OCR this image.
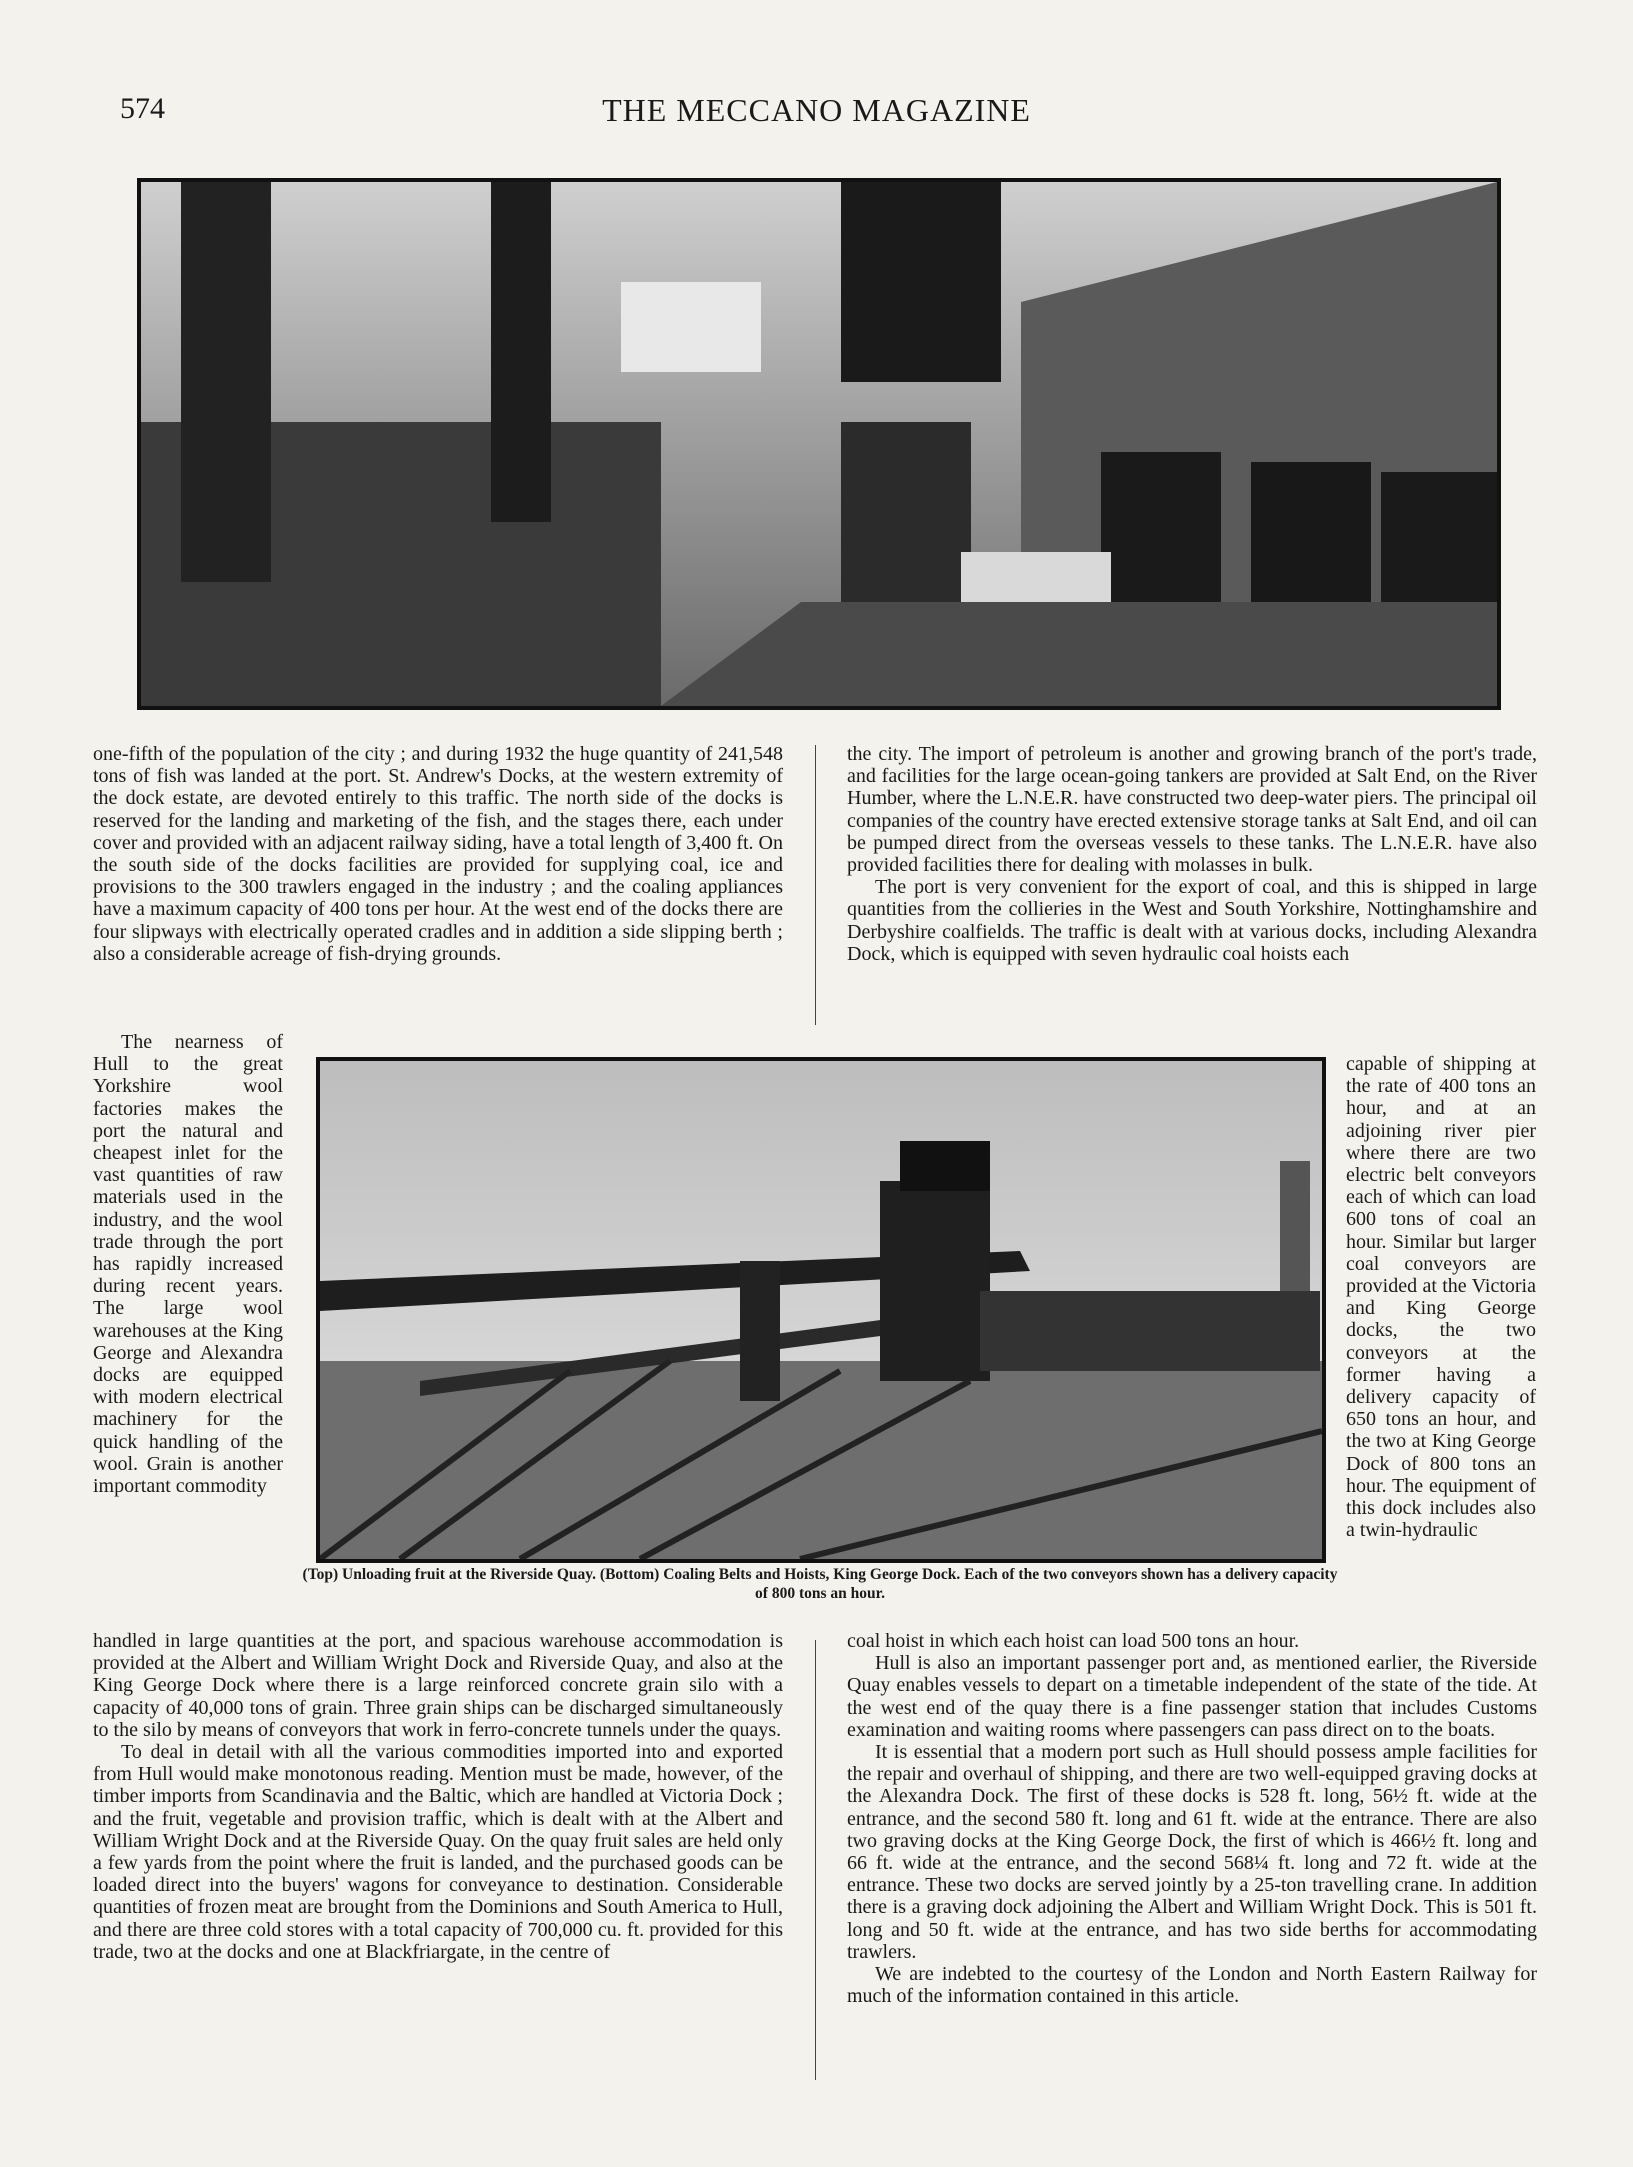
574	THE MECCANO MAGAZINE

one-fifth of the population of the city ; and during 1932 the huge quantity of 241,548 tons of fish was landed at the port. St. Andrew's Docks, at the western extremity of the dock estate, are devoted entirely to this traffic. The north side of the docks is reserved for the landing and marketing of the fish, and the stages there, each under cover and provided with an adjacent railway siding, have a total length of 3,400 ft. On the south side of the docks facilities are provided for supplying coal, ice and provisions to the 300 trawlers engaged in the industry ; and the coaling appliances have a maximum capacity of 400 tons per hour. At the west end of the docks there are four slipways with electrically operated cradles and in addition a side slipping berth ; also a considerable acreage of fish-drying grounds.

the city. The import of petroleum is another and growing branch of the port's trade, and facilities for the large ocean-going tankers are provided at Salt End, on the River Humber, where the L.N.E.R. have constructed two deep-water piers. The principal oil companies of the country have erected extensive storage tanks at Salt End, and oil can be pumped direct from the overseas vessels to these tanks. The L.N.E.R. have also provided facilities there for dealing with molasses in bulk.

The port is very convenient for the export of coal, and this is shipped in large quantities from the collieries in the West and South Yorkshire, Nottinghamshire and Derbyshire coalfields. The traffic is dealt with at various docks, including Alexandra Dock, which is equipped with seven hydraulic coal hoists each

The nearness of Hull to the great Yorkshire wool factories makes the port the natural and cheapest inlet for the vast quantities of raw materials used in the industry, and the wool trade through the port has rapidly increased during recent years. The large wool warehouses at the King George and Alexandra docks are equipped with modern electrical machinery for the quick handling of the wool. Grain is another important commodity

capable of shipping at the rate of 400 tons an hour, and at an adjoining river pier where there are two electric belt conveyors each of which can load 600 tons of coal an hour. Similar but larger coal conveyors are provided at the Victoria and King George docks, the two conveyors at the former having a delivery capacity of 650 tons an hour, and the two at King George Dock of 800 tons an hour. The equipment of this dock includes also a twin-hydraulic

(Top) Unloading fruit at the Riverside Quay. (Bottom) Coaling Belts and Hoists, King George Dock. Each of the two conveyors shown has a delivery capacity of 800 tons an hour.

handled in large quantities at the port, and spacious warehouse accommodation is provided at the Albert and William Wright Dock and Riverside Quay, and also at the King George Dock where there is a large reinforced concrete grain silo with a capacity of 40,000 tons of grain. Three grain ships can be discharged simultaneously to the silo by means of conveyors that work in ferro-concrete tunnels under the quays.

To deal in detail with all the various commodities imported into and exported from Hull would make monotonous reading. Mention must be made, however, of the timber imports from Scandinavia and the Baltic, which are handled at Victoria Dock ; and the fruit, vegetable and provision traffic, which is dealt with at the Albert and William Wright Dock and at the Riverside Quay. On the quay fruit sales are held only a few yards from the point where the fruit is landed, and the purchased goods can be loaded direct into the buyers' wagons for conveyance to destination. Considerable quantities of frozen meat are brought from the Dominions and South America to Hull, and there are three cold stores with a total capacity of 700,000 cu. ft. provided for this trade, two at the docks and one at Blackfriargate, in the centre of

coal hoist in which each hoist can load 500 tons an hour.

Hull is also an important passenger port and, as mentioned earlier, the Riverside Quay enables vessels to depart on a timetable independent of the state of the tide. At the west end of the quay there is a fine passenger station that includes Customs examination and waiting rooms where passengers can pass direct on to the boats.

It is essential that a modern port such as Hull should possess ample facilities for the repair and overhaul of shipping, and there are two well-equipped graving docks at the Alexandra Dock. The first of these docks is 528 ft. long, 56½ ft. wide at the entrance, and the second 580 ft. long and 61 ft. wide at the entrance. There are also two graving docks at the King George Dock, the first of which is 466½ ft. long and 66 ft. wide at the entrance, and the second 568¼ ft. long and 72 ft. wide at the entrance. These two docks are served jointly by a 25-ton travelling crane. In addition there is a graving dock adjoining the Albert and William Wright Dock. This is 501 ft. long and 50 ft. wide at the entrance, and has two side berths for accommodating trawlers.

We are indebted to the courtesy of the London and North Eastern Railway for much of the information contained in this article.
